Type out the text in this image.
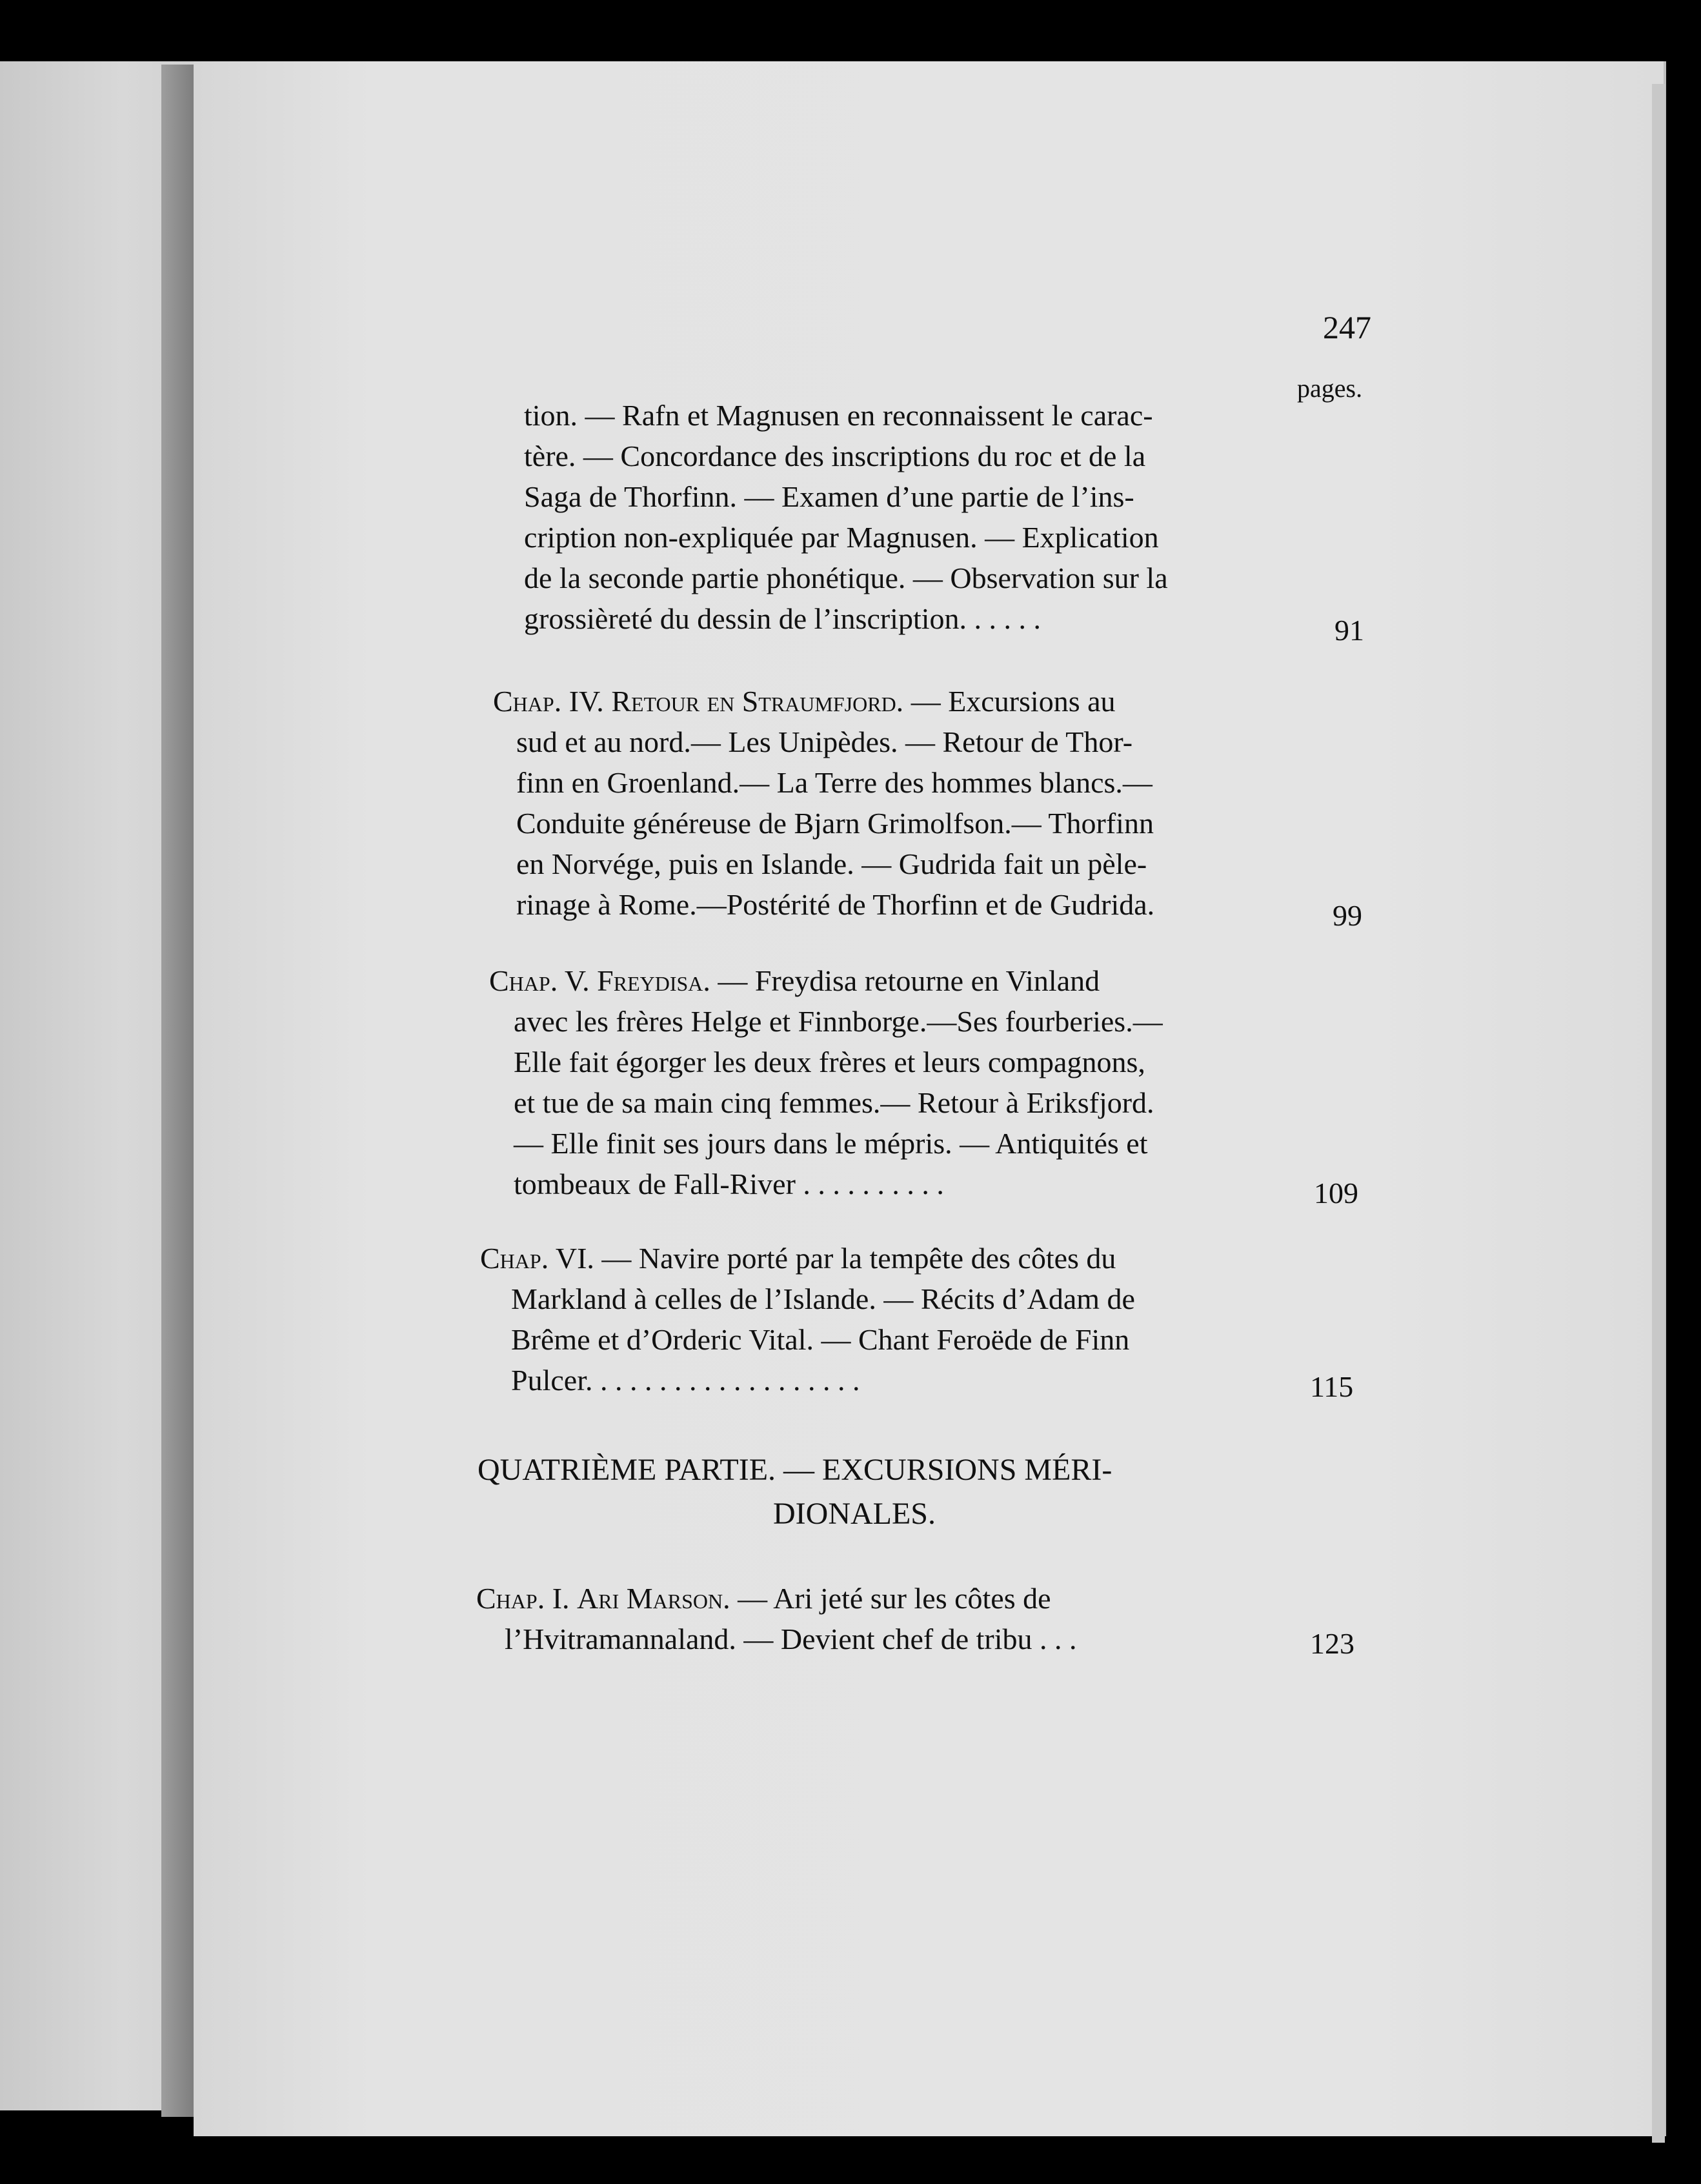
247
pages.
tion. — Rafn et Magnusen en reconnaissent le carac-
tère. — Concordance des inscriptions du roc et de la
Saga de Thorfinn. — Examen d’une partie de l’ins-
cription non-expliquée par Magnusen. — Explication
de la seconde partie phonétique. — Observation sur la
grossièreté du dessin de l’inscription. . . . . .	91
Chap. IV. Retour en Straumfjord. — Excursions au
sud et au nord.— Les Unipèdes. — Retour de Thor-
finn en Groenland.— La Terre des hommes blancs.—
Conduite généreuse de Bjarn Grimolfson.— Thorfinn
en Norvége, puis en Islande. — Gudrida fait un pèle-
rinage à Rome.—Postérité de Thorfinn et de Gudrida.	99
Chap. V. Freydisa. — Freydisa retourne en Vinland
avec les frères Helge et Finnborge.—Ses fourberies.—
Elle fait égorger les deux frères et leurs compagnons,
et tue de sa main cinq femmes.— Retour à Eriksfjord.
— Elle finit ses jours dans le mépris. — Antiquités et
tombeaux de Fall-River . . . . . . . . . .	109
Chap. VI. — Navire porté par la tempête des côtes du
Markland à celles de l’Islande. — Récits d’Adam de
Brême et d’Orderic Vital. — Chant Feroëde de Finn
Pulcer. . . . . . . . . . . . . . . . . . .	115
QUATRIÈME PARTIE. — EXCURSIONS MÉRI-
DIONALES.
Chap. I. Ari Marson. — Ari jeté sur les côtes de
l’Hvitramannaland. — Devient chef de tribu . . .	123
